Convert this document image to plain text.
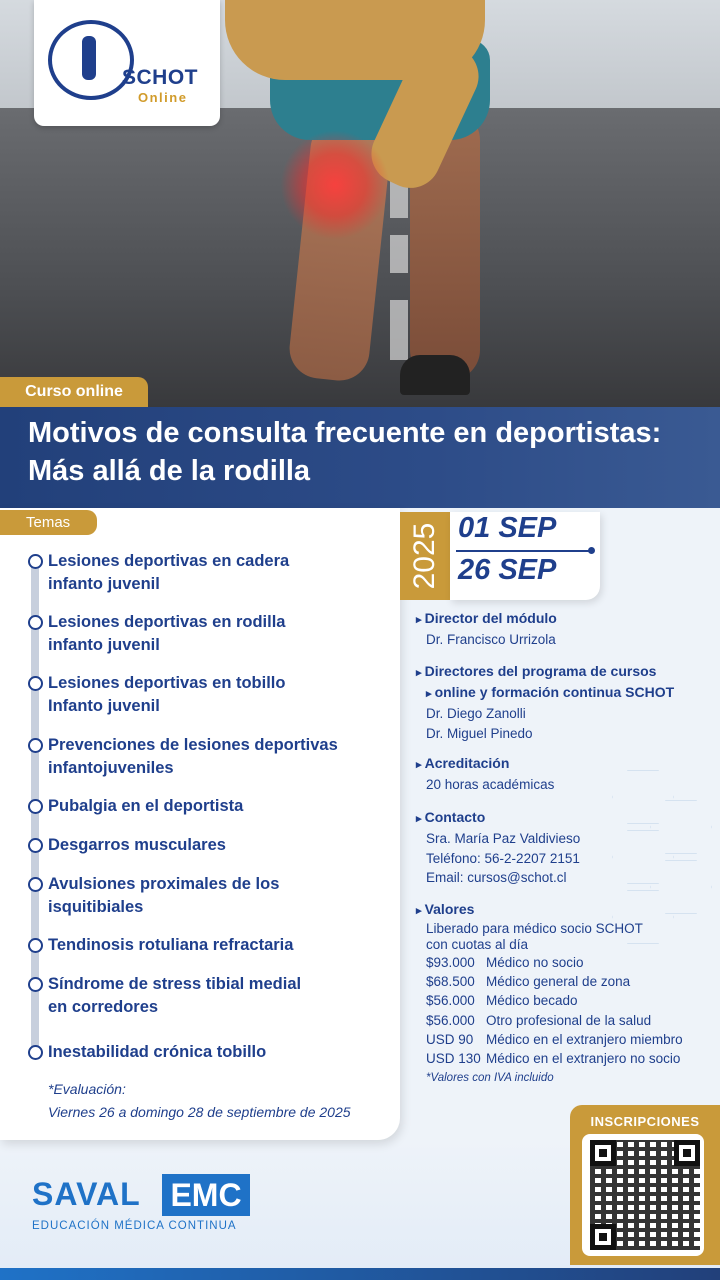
SCHOT
Online
Curso online
Motivos de consulta frecuente en deportistas: Más allá de la rodilla
Temas
Lesiones deportivas en cadera
infanto juvenil
Lesiones deportivas en rodilla
infanto juvenil
Lesiones deportivas en tobillo
Infanto juvenil
Prevenciones de lesiones deportivas
infantojuveniles
Pubalgia en el deportista
Desgarros musculares
Avulsiones proximales de los
isquitibiales
Tendinosis rotuliana refractaria
Síndrome de stress tibial medial
en corredores
Inestabilidad crónica tobillo
*Evaluación:
Viernes 26 a domingo 28 de septiembre de 2025
2025 01 SEP
26 SEP
▸ Director del módulo
Dr. Francisco Urrizola
▸ Directores del programa de cursos
▸ online y formación continua SCHOT
Dr. Diego Zanolli
Dr. Miguel Pinedo
▸ Acreditación
20 horas académicas
▸ Contacto
Sra. María Paz Valdivieso
Teléfono: 56-2-2207 2151
Email: cursos@schot.cl
▸ Valores
Liberado para médico socio SCHOT
con cuotas al día
$93.000 Médico no socio
$68.500 Médico general de zona
$56.000 Médico becado
$56.000 Otro profesional de la salud
USD 90 Médico en el extranjero miembro
USD 130 Médico en el extranjero no socio
*Valores con IVA incluido
INSCRIPCIONES
SAVAL EMC
EDUCACIÓN MÉDICA CONTINUA
